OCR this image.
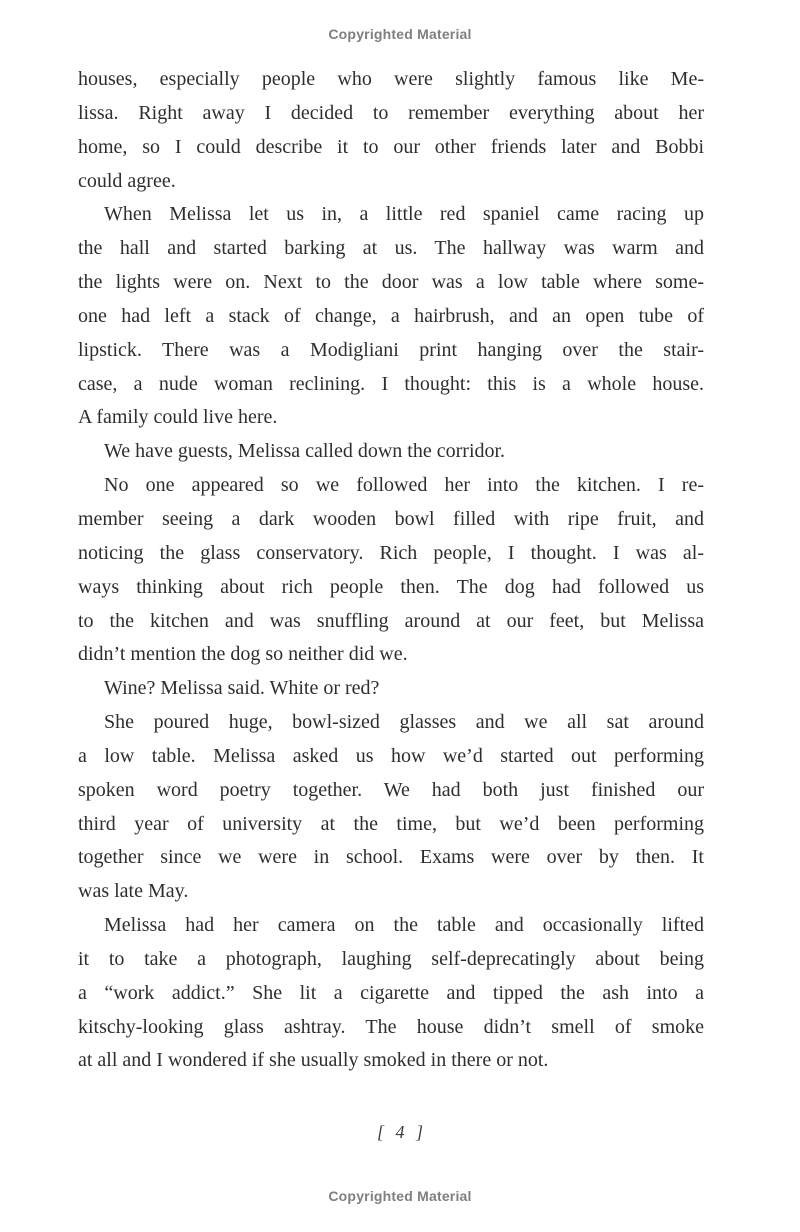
Copyrighted Material
houses, especially people who were slightly famous like Me-
lissa. Right away I decided to remember everything about her
home, so I could describe it to our other friends later and Bobbi
could agree.
When Melissa let us in, a little red spaniel came racing up
the hall and started barking at us. The hallway was warm and
the lights were on. Next to the door was a low table where some-
one had left a stack of change, a hairbrush, and an open tube of
lipstick. There was a Modigliani print hanging over the stair-
case, a nude woman reclining. I thought: this is a whole house.
A family could live here.
We have guests, Melissa called down the corridor.
No one appeared so we followed her into the kitchen. I re-
member seeing a dark wooden bowl filled with ripe fruit, and
noticing the glass conservatory. Rich people, I thought. I was al-
ways thinking about rich people then. The dog had followed us
to the kitchen and was snuffling around at our feet, but Melissa
didn’t mention the dog so neither did we.
Wine? Melissa said. White or red?
She poured huge, bowl-sized glasses and we all sat around
a low table. Melissa asked us how we’d started out performing
spoken word poetry together. We had both just finished our
third year of university at the time, but we’d been performing
together since we were in school. Exams were over by then. It
was late May.
Melissa had her camera on the table and occasionally lifted
it to take a photograph, laughing self-deprecatingly about being
a “work addict.” She lit a cigarette and tipped the ash into a
kitschy-looking glass ashtray. The house didn’t smell of smoke
at all and I wondered if she usually smoked in there or not.
[ 4 ]
Copyrighted Material
